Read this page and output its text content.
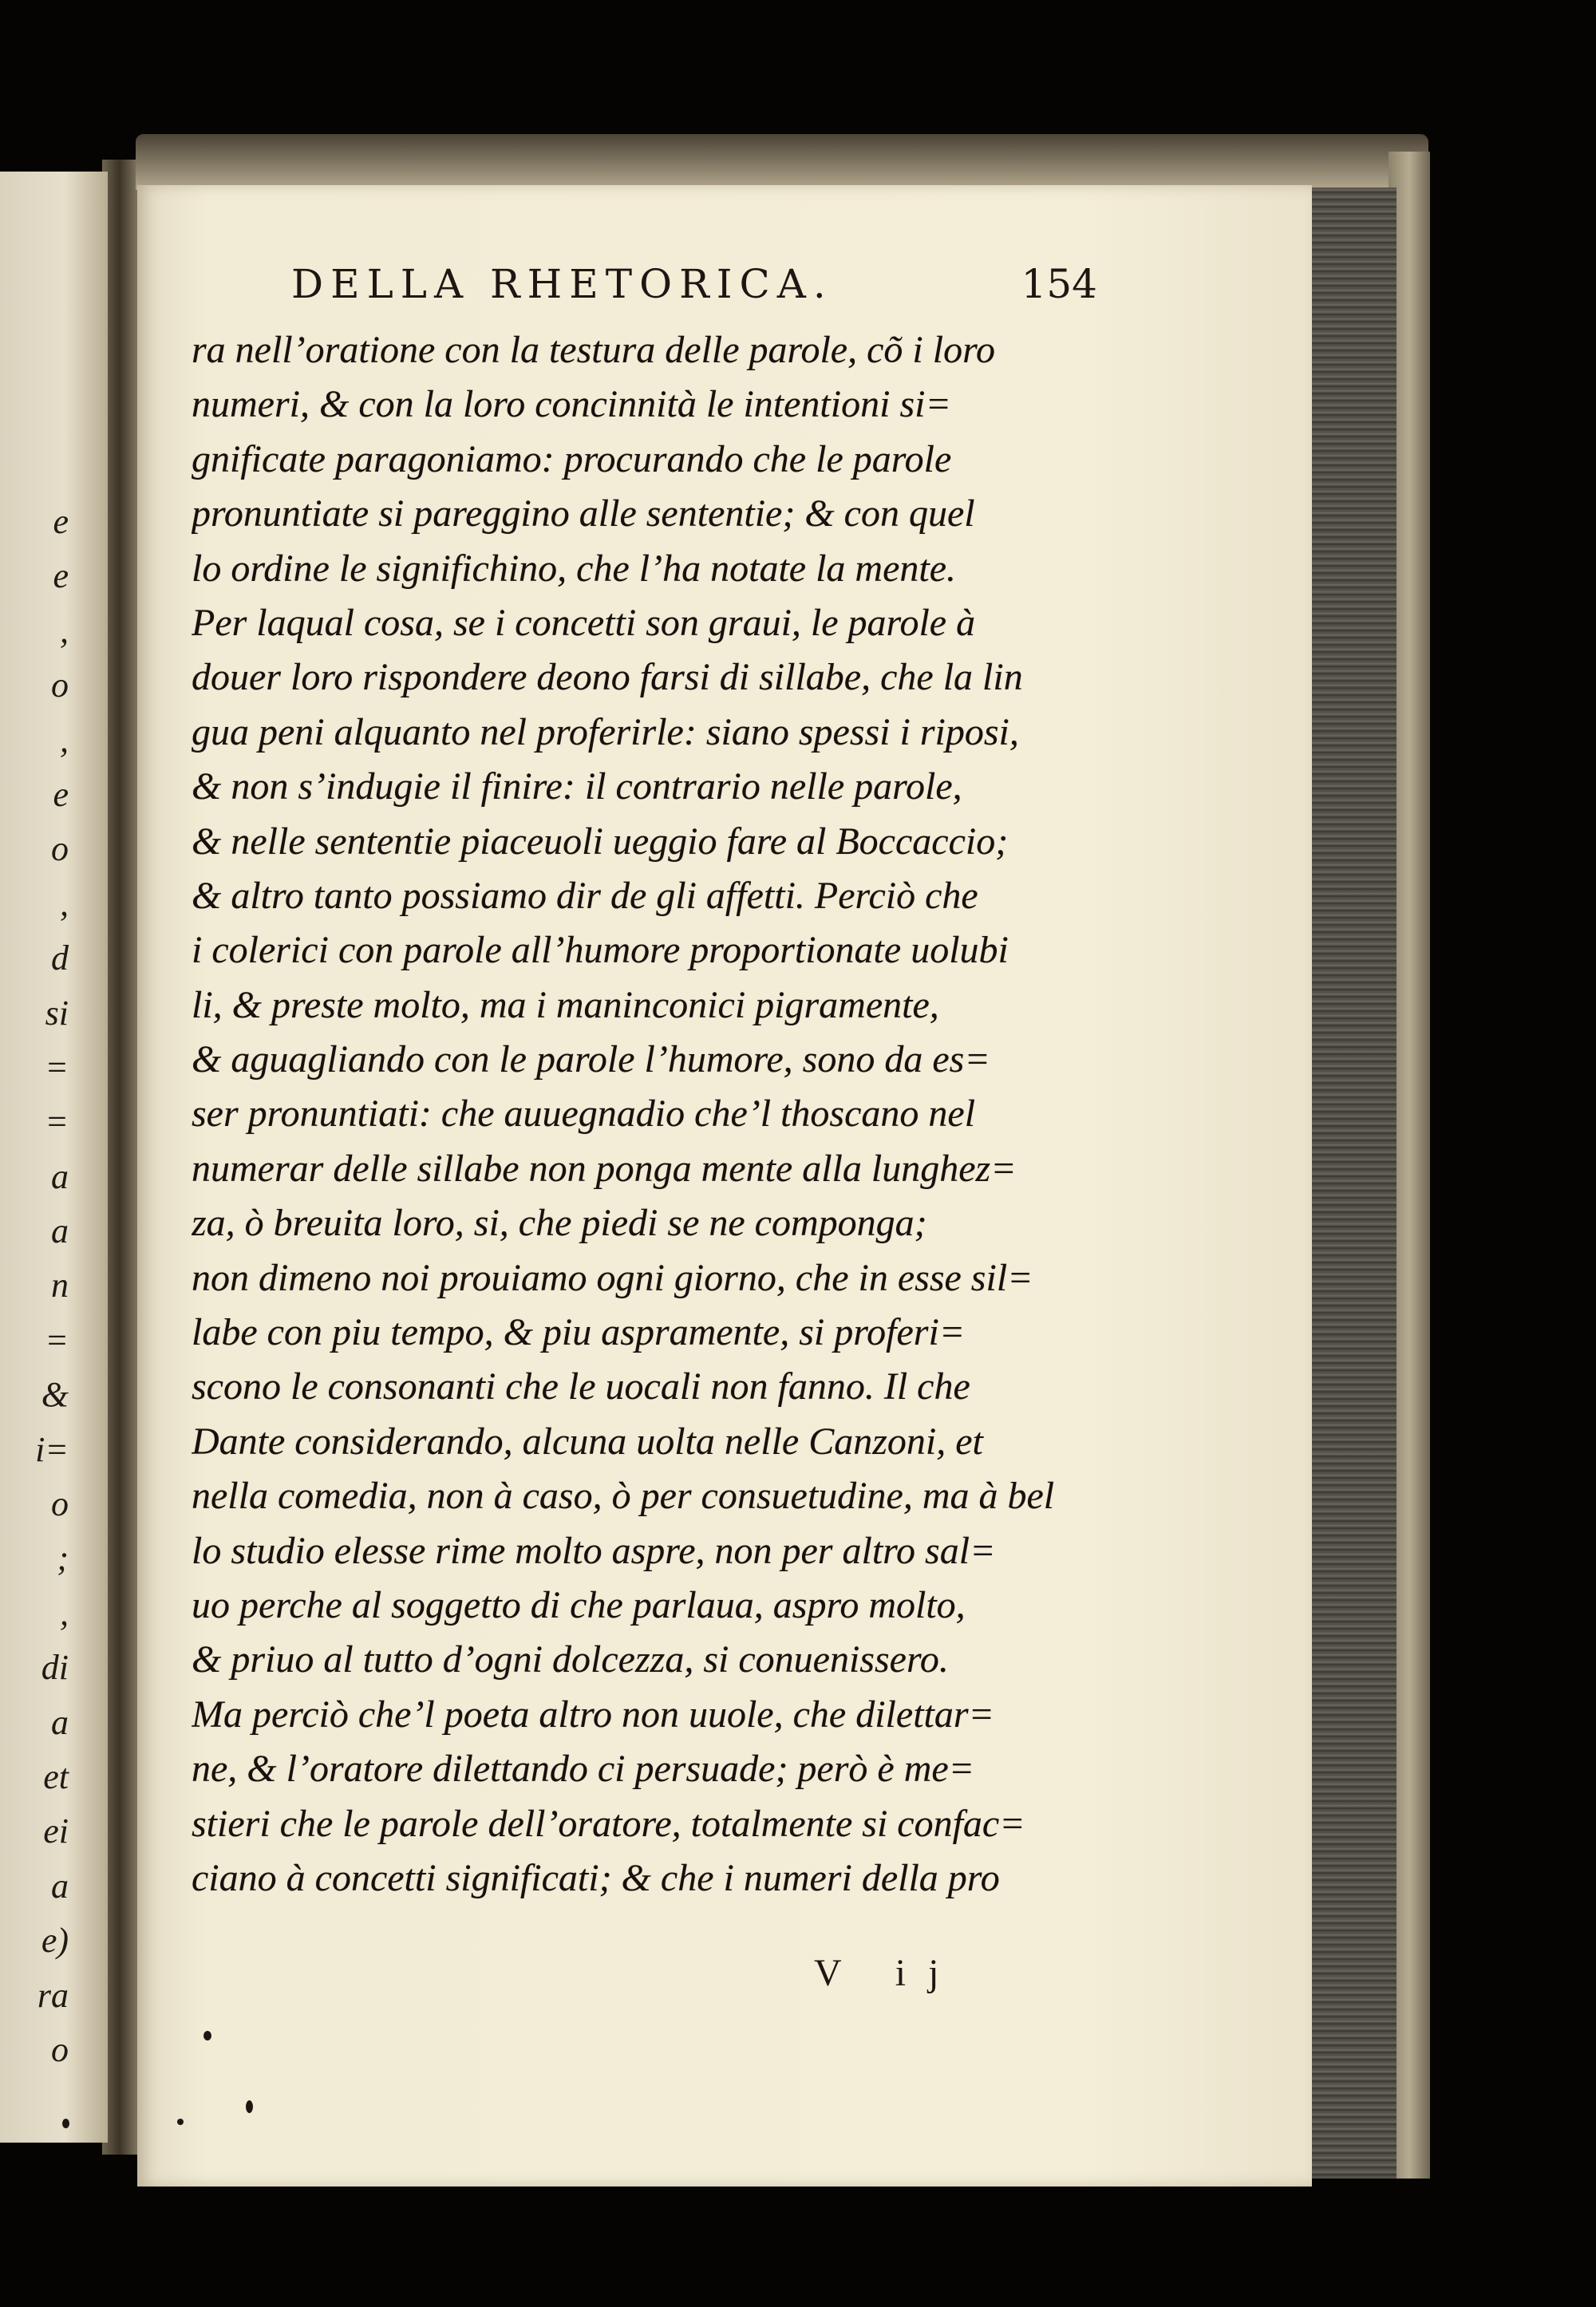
e
e
,
o
,
e
o
,
d
si
=
=
a
a
n
=
&
i=
o
;
,
di
a
et
ei
a
e)
ra
o
DELLA RHETORICA.	154
ra nell’oratione con la testura delle parole, cõ i loro
numeri, & con la loro concinnità le intentioni si=
gnificate paragoniamo: procurando che le parole
pronuntiate si pareggino alle sententie; & con quel
lo ordine le significhino, che l’ha notate la mente.
Per laqual cosa, se i concetti son graui, le parole à
douer loro rispondere deono farsi di sillabe, che la lin
gua peni alquanto nel proferirle: siano spessi i riposi,
& non s’indugie il finire: il contrario nelle parole,
& nelle sententie piaceuoli ueggio fare al Boccaccio;
& altro tanto possiamo dir de gli affetti. Perciò che
i colerici con parole all’humore proportionate uolubi
li, & preste molto, ma i maninconici pigramente,
& aguagliando con le parole l’humore, sono da es=
ser pronuntiati: che auuegnadio che’l thoscano nel
numerar delle sillabe non ponga mente alla lunghez=
za, ò breuita loro, si, che piedi se ne componga;
non dimeno noi prouiamo ogni giorno, che in esse sil=
labe con piu tempo, & piu aspramente, si proferi=
scono le consonanti che le uocali non fanno. Il che
Dante considerando, alcuna uolta nelle Canzoni, et
nella comedia, non à caso, ò per consuetudine, ma à bel
lo studio elesse rime molto aspre, non per altro sal=
uo perche al soggetto di che parlaua, aspro molto,
& priuo al tutto d’ogni dolcezza, si conuenissero.
Ma perciò che’l poeta altro non uuole, che dilettar=
ne, & l’oratore dilettando ci persuade; però è me=
stieri che le parole dell’oratore, totalmente si confac=
ciano à concetti significati; & che i numeri della pro
V ij
